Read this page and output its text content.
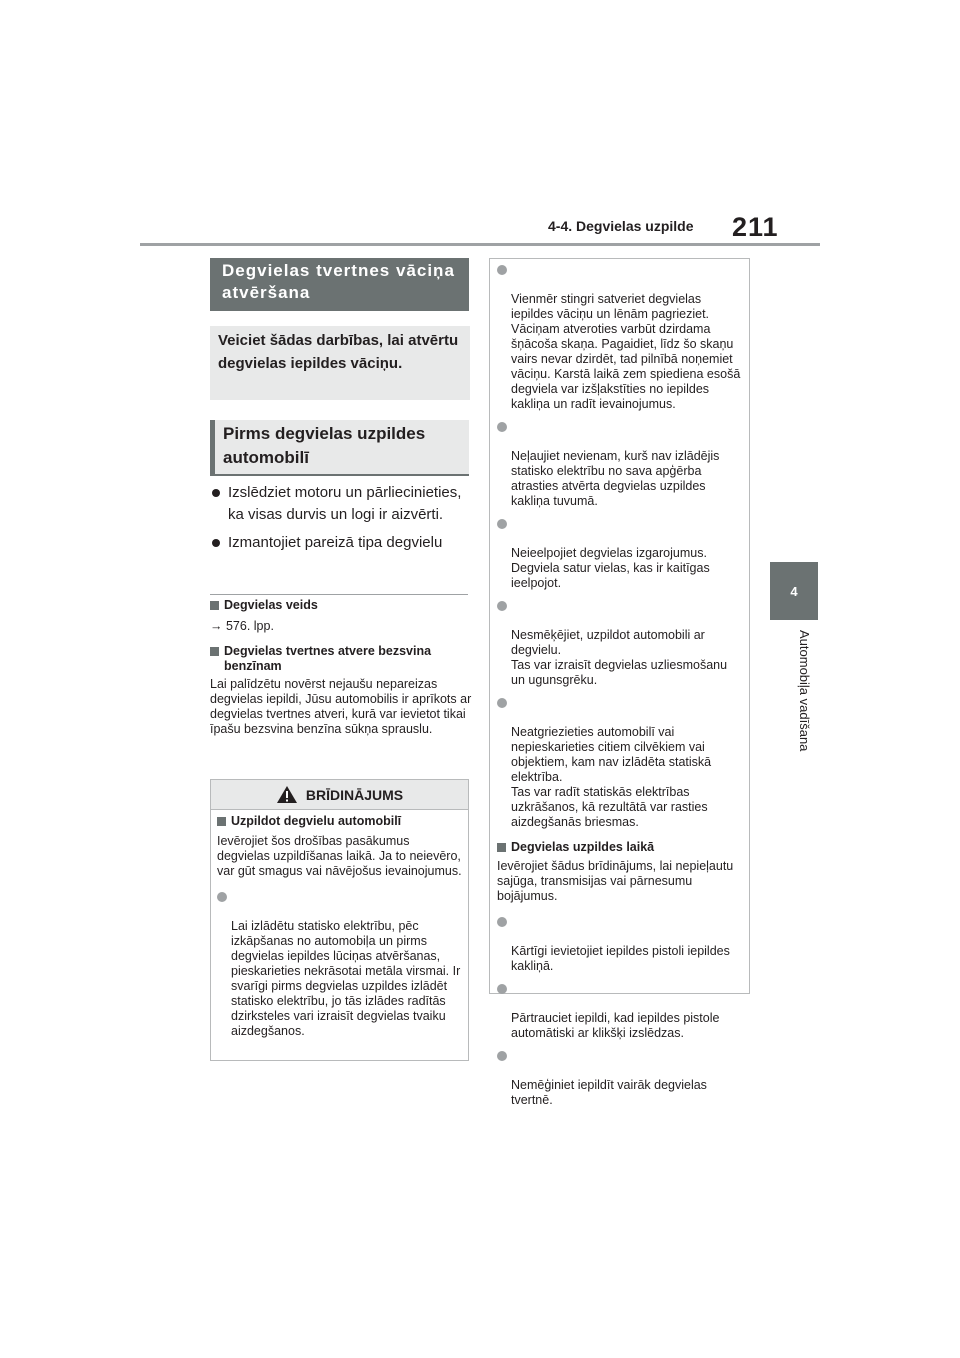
4-4. Degvielas uzpilde 211
4
Automobiļa vadīšana
Degvielas tvertnes vāciņa atvēršana
Veiciet šādas darbības, lai atvērtu degvielas iepildes vāciņu.
Pirms degvielas uzpildes automobilī
Izslēdziet motoru un pārliecinieties, ka visas durvis un logi ir aizvērti.
Izmantojiet pareizā tipa degvielu
Degvielas veids
→ 576. lpp.
Degvielas tvertnes atvere bezsvina benzīnam
Lai palīdzētu novērst nejaušu nepareizas degvielas iepildi, Jūsu automobilis ir aprīkots ar degvielas tvertnes atveri, kurā var ievietot tikai īpašu bezsvina benzīna sūkņa sprauslu.
BRĪDINĀJUMS
Uzpildot degvielu automobilī
Ievērojiet šos drošības pasākumus degvielas uzpildīšanas laikā. Ja to neievēro, var gūt smagus vai nāvējošus ievainojumus.

Lai izlādētu statisko elektrību, pēc izkāpšanas no automobiļa un pirms degvielas iepildes lūciņas atvēršanas, pieskarieties nekrāsotai metāla virsmai. Ir svarīgi pirms degvielas uzpildes izlādēt statisko elektrību, jo tās izlādes radītās dzirksteles vari izraisīt degvielas tvaiku aizdegšanos.

Vienmēr stingri satveriet degvielas iepildes vāciņu un lēnām pagrieziet. Vāciņam atveroties varbūt dzirdama šņācoša skaņa. Pagaidiet, līdz šo skaņu vairs nevar dzirdēt, tad pilnībā noņemiet vāciņu. Karstā laikā zem spiediena esošā degviela var izšļakstīties no iepildes kakliņa un radīt ievainojumus.

Neļaujiet nevienam, kurš nav izlādējis statisko elektrību no sava apģērba atrasties atvērta degvielas uzpildes kakliņa tuvumā.

Neieelpojiet degvielas izgarojumus. Degviela satur vielas, kas ir kaitīgas ieelpojot.

Nesmēķējiet, uzpildot automobili ar degvielu.
Tas var izraisīt degvielas uzliesmošanu un ugunsgrēku.

Neatgriezieties automobilī vai nepieskarieties citiem cilvēkiem vai objektiem, kam nav izlādēta statiskā elektrība.
Tas var radīt statiskās elektrības uzkrāšanos, kā rezultātā var rasties aizdegšanās briesmas.

Degvielas uzpildes laikā
Ievērojiet šādus brīdinājums, lai nepieļautu sajūga, transmisijas vai pārnesumu bojājumus.

Kārtīgi ievietojiet iepildes pistoli iepildes kakliņā.

Pārtrauciet iepildi, kad iepildes pistole automātiski ar klikšķi izslēdzas.

Nemēģiniet iepildīt vairāk degvielas tvertnē.
